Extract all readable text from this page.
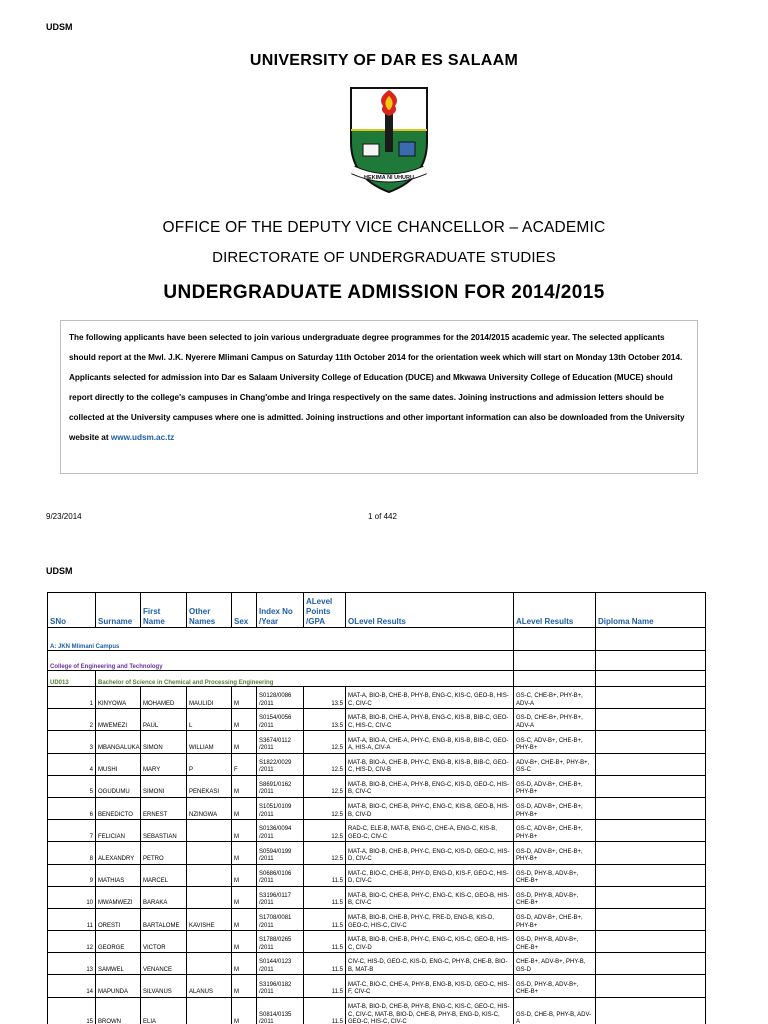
UDSM
UNIVERSITY OF DAR ES SALAAM
HEKIMA NI UHURU
OFFICE OF THE DEPUTY VICE CHANCELLOR – ACADEMIC
DIRECTORATE OF UNDERGRADUATE STUDIES
UNDERGRADUATE ADMISSION FOR 2014/2015
The following applicants have been selected to join various undergraduate degree programmes for the 2014/2015 academic year. The selected applicants should report at the Mwl. J.K. Nyerere Mlimani Campus on Saturday 11th October 2014 for the orientation week which will start on Monday 13th October 2014. Applicants selected for admission into Dar es Salaam University College of Education (DUCE) and Mkwawa University College of Education (MUCE) should report directly to the college's campuses in Chang'ombe and Iringa respectively on the same dates. Joining instructions and admission letters should be collected at the University campuses where one is admitted. Joining instructions and other important information can also be downloaded from the University website at www.udsm.ac.tz
9/23/2014	1 of 442
UDSM
SNo	Surname	First Name	Other Names	Sex	Index No /Year	ALevel Points /GPA	OLevel Results	ALevel Results	Diploma Name
A: JKN Mlimani Campus									
College of Engineering and Technology									
UD013	Bachelor of Science in Chemical and Processing Engineering								
1	KINYOWA	MOHAMED	MAULIDI	M	S0128/0086 /2011	13.5	MAT-A, BIO-B, CHE-B, PHY-B, ENG-C, KIS-C, GEO-B, HIS-C, CIV-C	GS-C, CHE-B+, PHY-B+, ADV-A	
2	MWEMEZI	PAUL	L	M	S0154/0056 /2011	13.5	MAT-B, BIO-B, CHE-A, PHY-B, ENG-C, KIS-B, BIB-C, GEO-C, HIS-C, CIV-C	GS-D, CHE-B+, PHY-B+, ADV-A	
3	MBANGALUKA	SIMON	WILLIAM	M	S3674/0112 /2011	12.5	MAT-A, BIO-A, CHE-A, PHY-C, ENG-B, KIS-B, BIB-C, GEO-A, HIS-A, CIV-A	GS-C, ADV-B+, CHE-B+, PHY-B+	
4	MUSHI	MARY	P	F	S1822/0029 /2011	12.5	MAT-B, BIO-A, CHE-B, PHY-C, ENG-B, KIS-B, BIB-C, GEO-C, HIS-D, CIV-B	ADV-B+, CHE-B+, PHY-B+, GS-C	
5	OGUDUMU	SIMONI	PENEKASI	M	S8691/0162 /2011	12.5	MAT-B, BIO-B, CHE-A, PHY-B, ENG-C, KIS-D, GEO-C, HIS-B, CIV-C	GS-D, ADV-B+, CHE-B+, PHY-B+	
6	BENEDICTO	ERNEST	NZINGWA	M	S1051/0109 /2011	12.5	MAT-B, BIO-C, CHE-B, PHY-C, ENG-C, KIS-B, GEO-B, HIS-B, CIV-D	GS-D, ADV-B+, CHE-B+, PHY-B+	
7	FELICIAN	SEBASTIAN		M	S0136/0094 /2011	12.5	RAD-C, ELE-B, MAT-B, ENG-C, CHE-A, ENG-C, KIS-B, GEO-C, CIV-C	GS-C, ADV-B+, CHE-B+, PHY-B+	
8	ALEXANDRY	PETRO		M	S0594/0199 /2011	12.5	MAT-A, BIO-B, CHE-B, PHY-C, ENG-C, KIS-D, GEO-C, HIS-D, CIV-C	GS-D, ADV-B+, CHE-B+, PHY-B+	
9	MATHIAS	MARCEL		M	S0686/0106 /2011	11.5	MAT-C, BIO-C, CHE-B, PHY-D, ENG-D, KIS-F, GEO-C, HIS-D, CIV-C	GS-D, PHY-B, ADV-B+, CHE-B+	
10	MWAMWEZI	BARAKA		M	S3196/0117 /2011	11.5	MAT-B, BIO-C, CHE-B, PHY-C, ENG-C, KIS-C, GEO-B, HIS-B, CIV-C	GS-D, PHY-B, ADV-B+, CHE-B+	
11	ORESTI	BARTALOME	KAVISHE	M	S1708/0081 /2011	11.5	MAT-B, BIO-B, CHE-B, PHY-C, FRE-D, ENG-B, KIS-D, GEO-C, HIS-C, CIV-C	GS-D, ADV-B+, CHE-B+, PHY-B+	
12	GEORGE	VICTOR		M	S1788/0265 /2011	11.5	MAT-B, BIO-B, CHE-B, PHY-C, ENG-C, KIS-C, GEO-B, HIS-C, CIV-D	GS-D, PHY-B, ADV-B+, CHE-B+	
13	SAMWEL	VENANCE		M	S0144/0123 /2011	11.5	CIV-C, HIS-D, GEO-C, KIS-D, ENG-C, PHY-B, CHE-B, BIO-B, MAT-B	CHE-B+, ADV-B+, PHY-B, GS-D	
14	MAPUNDA	SILVANUS	ALANUS	M	S3196/0182 /2011	11.5	MAT-C, BIO-C, CHE-A, PHY-B, ENG-B, KIS-D, GEO-C, HIS-F, CIV-C	GS-D, PHY-B, ADV-B+, CHE-B+	
15	BROWN	ELIA		M	S0814/0135 /2011	11.5	MAT-B, BIO-D, CHE-B, PHY-B, ENG-C, KIS-C, GEO-C, HIS-C, CIV-C, MAT-B, BIO-D, CHE-B, PHY-B, ENG-D, KIS-C, GEO-C, HIS-C, CIV-C	GS-D, CHE-B, PHY-B, ADV-A	
